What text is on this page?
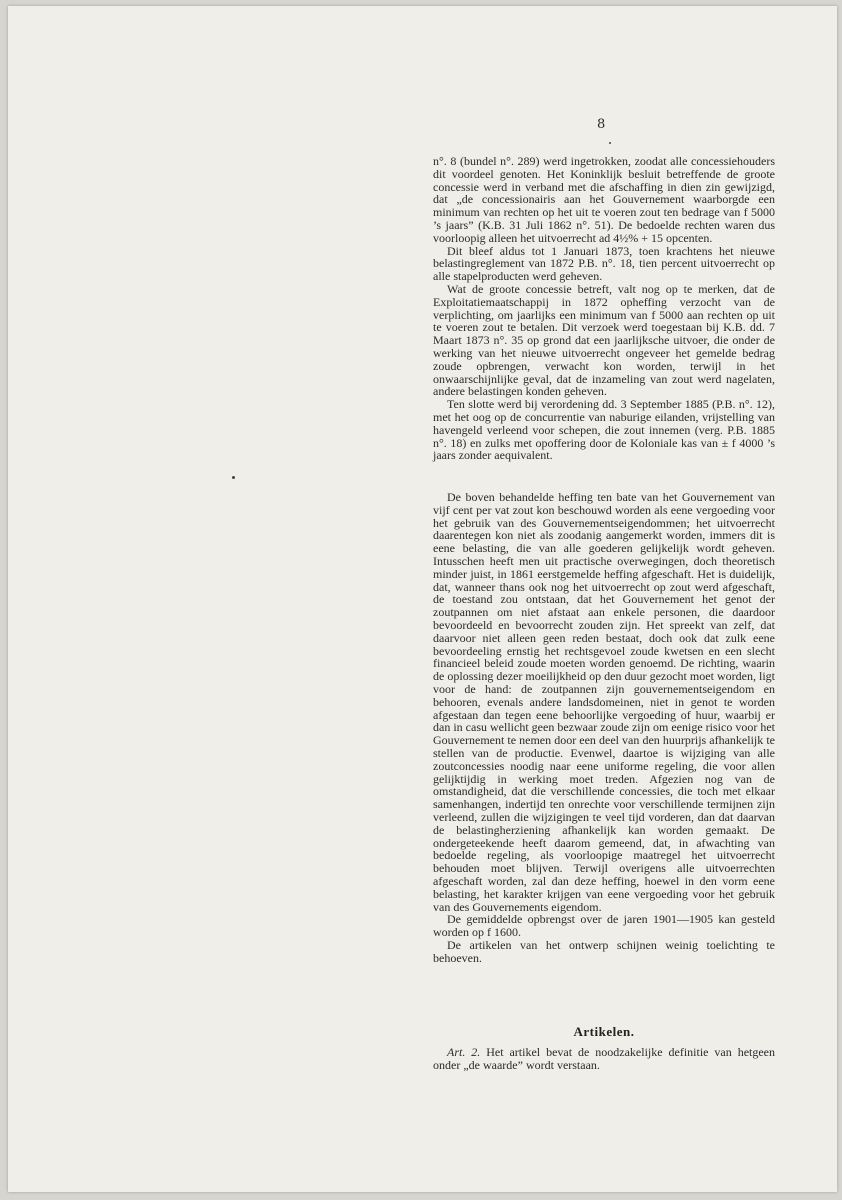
8

n°. 8 (bundel n°. 289) werd ingetrokken, zoodat alle concessiehouders dit voordeel genoten. Het Koninklijk besluit betreffende de groote concessie werd in verband met die afschaffing in dien zin gewijzigd, dat „de concessionairis aan het Gouvernement waarborgde een minimum van rechten op het uit te voeren zout ten bedrage van f 5000 ’s jaars” (K.B. 31 Juli 1862 n°. 51). De bedoelde rechten waren dus voorloopig alleen het uitvoerrecht ad 4½% + 15 opcenten.

Dit bleef aldus tot 1 Januari 1873, toen krachtens het nieuwe belastingreglement van 1872 P.B. n°. 18, tien percent uitvoerrecht op alle stapelproducten werd geheven.

Wat de groote concessie betreft, valt nog op te merken, dat de Exploitatiemaatschappij in 1872 opheffing verzocht van de verplichting, om jaarlijks een minimum van f 5000 aan rechten op uit te voeren zout te betalen. Dit verzoek werd toegestaan bij K.B. dd. 7 Maart 1873 n°. 35 op grond dat een jaarlijksche uitvoer, die onder de werking van het nieuwe uitvoerrecht ongeveer het gemelde bedrag zoude opbrengen, verwacht kon worden, terwijl in het onwaarschijnlijke geval, dat de inzameling van zout werd nagelaten, andere belastingen konden geheven.

Ten slotte werd bij verordening dd. 3 September 1885 (P.B. n°. 12), met het oog op de concurrentie van naburige eilanden, vrijstelling van havengeld verleend voor schepen, die zout innemen (verg. P.B. 1885 n°. 18) en zulks met opoffering door de Koloniale kas van ± f 4000 ’s jaars zonder aequivalent.

De boven behandelde heffing ten bate van het Gouvernement van vijf cent per vat zout kon beschouwd worden als eene vergoeding voor het gebruik van des Gouvernementseigendommen; het uitvoerrecht daarentegen kon niet als zoodanig aangemerkt worden, immers dit is eene belasting, die van alle goederen gelijkelijk wordt geheven. Intusschen heeft men uit practische overwegingen, doch theoretisch minder juist, in 1861 eerstgemelde heffing afgeschaft. Het is duidelijk, dat, wanneer thans ook nog het uitvoerrecht op zout werd afgeschaft, de toestand zou ontstaan, dat het Gouvernement het genot der zoutpannen om niet afstaat aan enkele personen, die daardoor bevoordeeld en bevoorrecht zouden zijn. Het spreekt van zelf, dat daarvoor niet alleen geen reden bestaat, doch ook dat zulk eene bevoordeeling ernstig het rechtsgevoel zoude kwetsen en een slecht financieel beleid zoude moeten worden genoemd. De richting, waarin de oplossing dezer moeilijkheid op den duur gezocht moet worden, ligt voor de hand: de zoutpannen zijn gouvernementseigendom en behooren, evenals andere landsdomeinen, niet in genot te worden afgestaan dan tegen eene behoorlijke vergoeding of huur, waarbij er dan in casu wellicht geen bezwaar zoude zijn om eenige risico voor het Gouvernement te nemen door een deel van den huurprijs afhankelijk te stellen van de productie. Evenwel, daartoe is wijziging van alle zoutconcessies noodig naar eene uniforme regeling, die voor allen gelijktijdig in werking moet treden. Afgezien nog van de omstandigheid, dat die verschillende concessies, die toch met elkaar samenhangen, indertijd ten onrechte voor verschillende termijnen zijn verleend, zullen die wijzigingen te veel tijd vorderen, dan dat daarvan de belastingherziening afhankelijk kan worden gemaakt. De ondergeteekende heeft daarom gemeend, dat, in afwachting van bedoelde regeling, als voorloopige maatregel het uitvoerrecht behouden moet blijven. Terwijl overigens alle uitvoerrechten afgeschaft worden, zal dan deze heffing, hoewel in den vorm eene belasting, het karakter krijgen van eene vergoeding voor het gebruik van des Gouvernements eigendom.

De gemiddelde opbrengst over de jaren 1901—1905 kan gesteld worden op f 1600.

De artikelen van het ontwerp schijnen weinig toelichting te behoeven.

Artikelen.
Art. 2. Het artikel bevat de noodzakelijke definitie van hetgeen onder „de waarde” wordt verstaan.
